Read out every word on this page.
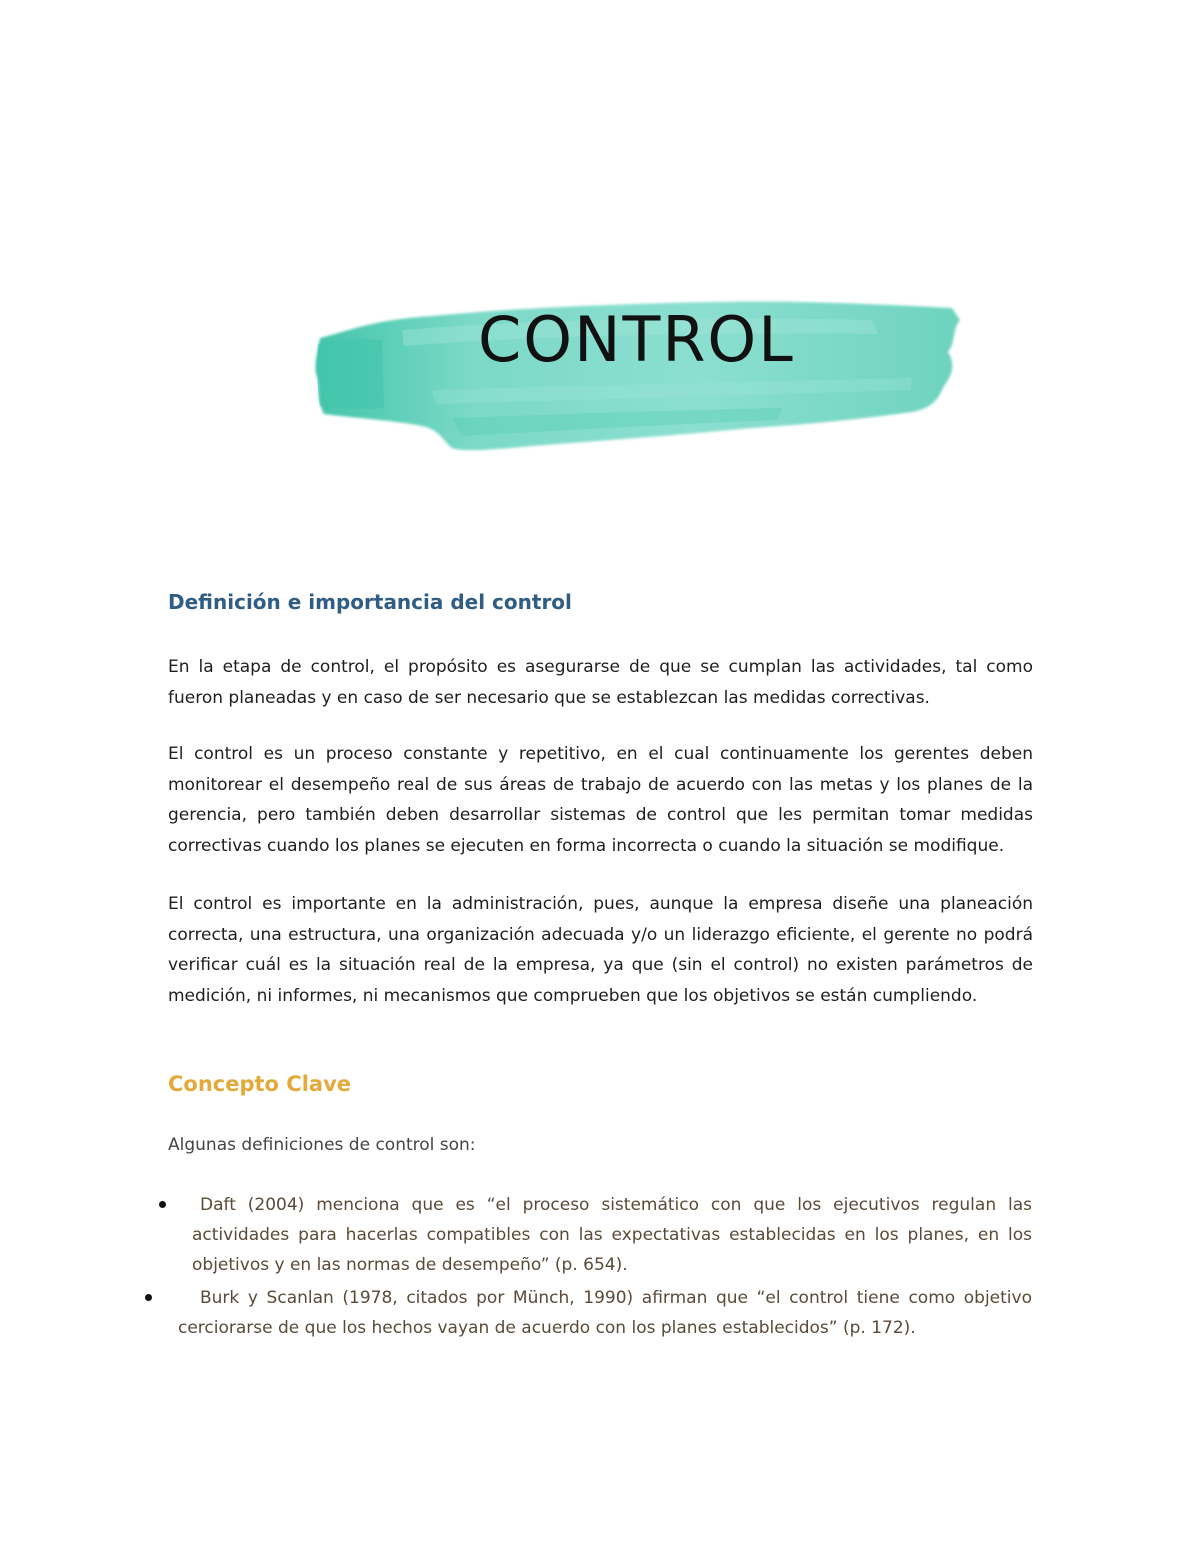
CONTROL
Definición e importancia del control

En la etapa de control, el propósito es asegurarse de que se cumplan las actividades, tal como fueron planeadas y en caso de ser necesario que se establezcan las medidas correctivas.

El control es un proceso constante y repetitivo, en el cual continuamente los gerentes deben monitorear el desempeño real de sus áreas de trabajo de acuerdo con las metas y los planes de la gerencia, pero también deben desarrollar sistemas de control que les permitan tomar medidas correctivas cuando los planes se ejecuten en forma incorrecta o cuando la situación se modifique.

El control es importante en la administración, pues, aunque la empresa diseñe una planeación correcta, una estructura, una organización adecuada y/o un liderazgo eficiente, el gerente no podrá verificar cuál es la situación real de la empresa, ya que (sin el control) no existen parámetros de medición, ni informes, ni mecanismos que comprueben que los objetivos se están cumpliendo.

Concepto Clave

Algunas definiciones de control son:

Daft (2004) menciona que es “el proceso sistemático con que los ejecutivos regulan las actividades para hacerlas compatibles con las expectativas establecidas en los planes, en los objetivos y en las normas de desempeño” (p. 654).

Burk y Scanlan (1978, citados por Münch, 1990) afirman que “el control tiene como objetivo cerciorarse de que los hechos vayan de acuerdo con los planes establecidos” (p. 172).
